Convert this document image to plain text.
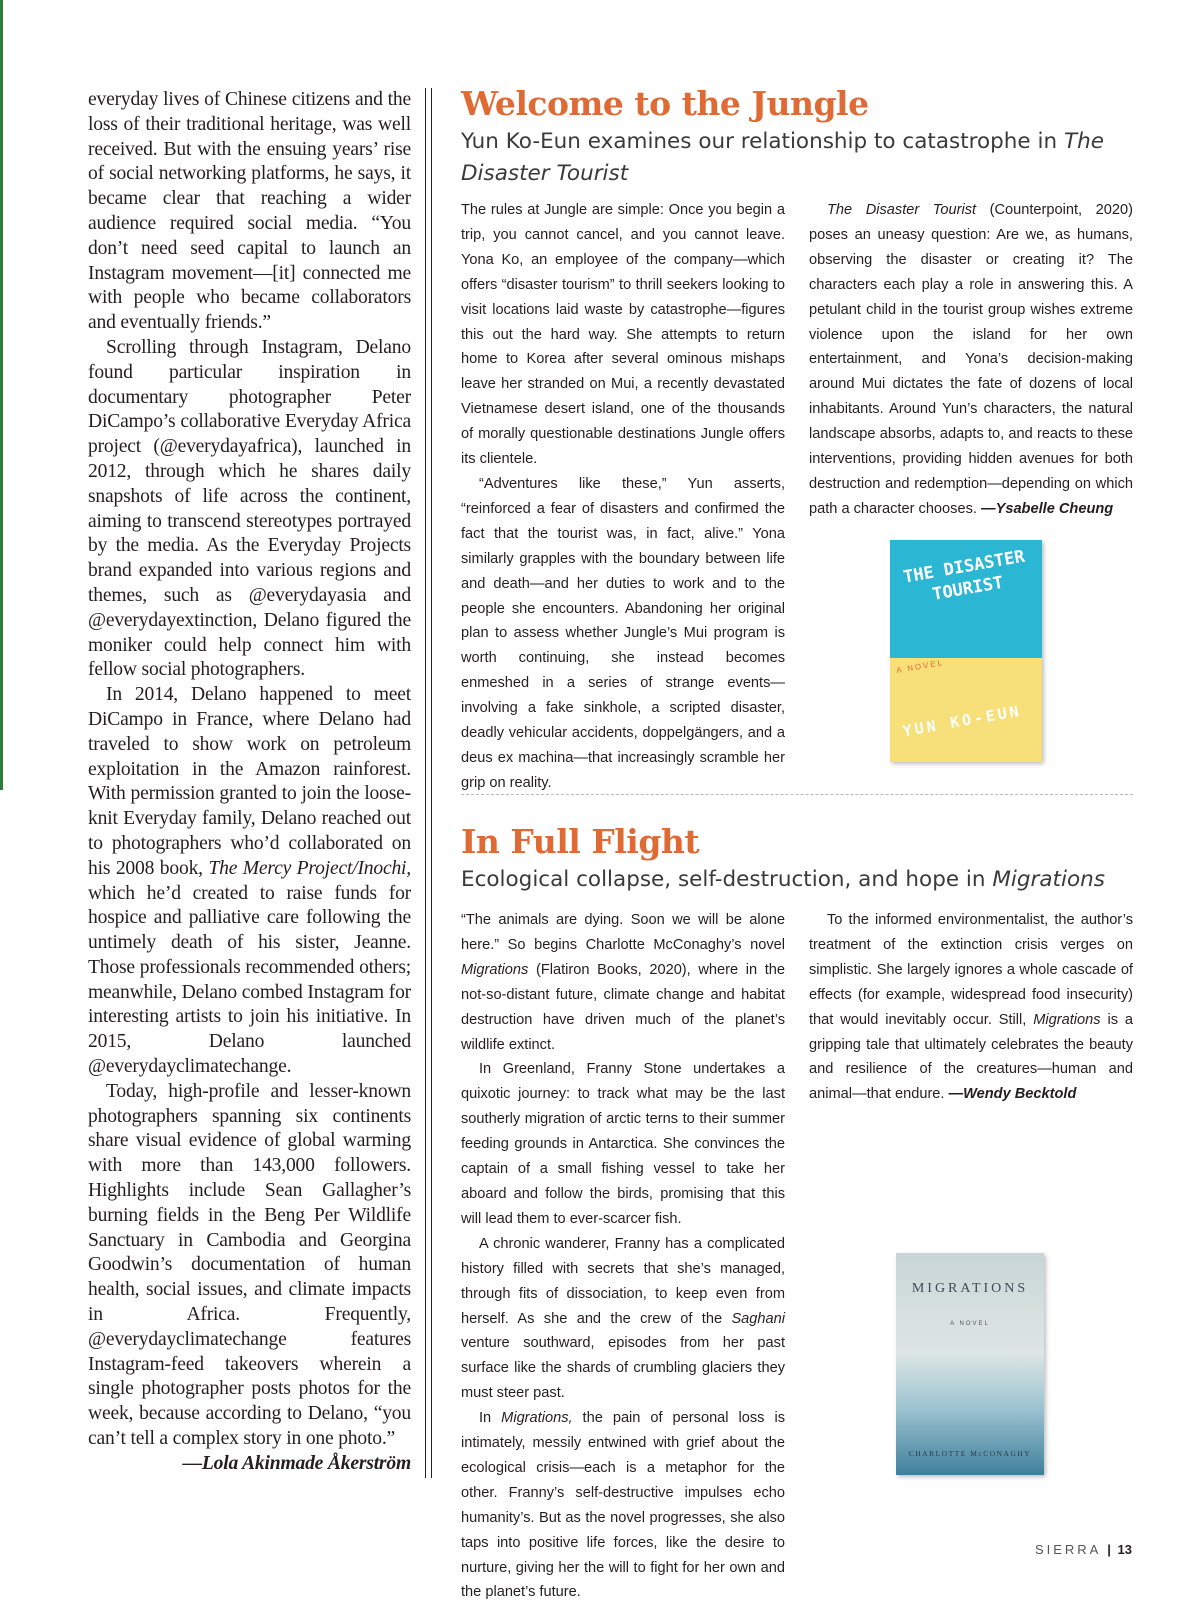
everyday lives of Chinese citizens and the loss of their traditional heritage, was well received. But with the ensuing years’ rise of social networking platforms, he says, it became clear that reaching a wider audience required social media. “You don’t need seed capital to launch an Instagram movement—[it] connected me with people who became collaborators and eventually friends.”

Scrolling through Instagram, Delano found particular inspiration in documentary photographer Peter DiCampo’s collaborative Everyday Africa project (@everydayafrica), launched in 2012, through which he shares daily snapshots of life across the continent, aiming to transcend stereotypes portrayed by the media. As the Everyday Projects brand expanded into various regions and themes, such as @everydayasia and @everydayextinction, Delano figured the moniker could help connect him with fellow social photographers.

In 2014, Delano happened to meet DiCampo in France, where Delano had traveled to show work on petroleum exploitation in the Amazon rainforest. With permission granted to join the loose-knit Everyday family, Delano reached out to photographers who’d collaborated on his 2008 book, The Mercy Project/Inochi, which he’d created to raise funds for hospice and palliative care following the untimely death of his sister, Jeanne. Those professionals recommended others; meanwhile, Delano combed Instagram for interesting artists to join his initiative. In 2015, Delano launched @everydayclimatechange.

Today, high-profile and lesser-known photographers spanning six continents share visual evidence of global warming with more than 143,000 followers. Highlights include Sean Gallagher’s burning fields in the Beng Per Wildlife Sanctuary in Cambodia and Georgina Goodwin’s documentation of human health, social issues, and climate impacts in Africa. Frequently, @everydayclimatechange features Instagram-feed takeovers wherein a single photographer posts photos for the week, because according to Delano, “you can’t tell a complex story in one photo.”

—Lola Akinmade Åkerström

Welcome to the Jungle
Yun Ko-Eun examines our relationship to catastrophe in The Disaster Tourist

The rules at Jungle are simple: Once you begin a trip, you cannot cancel, and you cannot leave. Yona Ko, an employee of the company—which offers “disaster tourism” to thrill seekers looking to visit locations laid waste by catastrophe—figures this out the hard way. She attempts to return home to Korea after several ominous mishaps leave her stranded on Mui, a recently devastated Vietnamese desert island, one of the thousands of morally questionable destinations Jungle offers its clientele.

“Adventures like these,” Yun asserts, “reinforced a fear of disasters and confirmed the fact that the tourist was, in fact, alive.” Yona similarly grapples with the boundary between life and death—and her duties to work and to the people she encounters. Abandoning her original plan to assess whether Jungle’s Mui program is worth continuing, she instead becomes enmeshed in a series of strange events—involving a fake sinkhole, a scripted disaster, deadly vehicular accidents, doppelgängers, and a deus ex machina—that increasingly scramble her grip on reality.

The Disaster Tourist (Counterpoint, 2020) poses an uneasy question: Are we, as humans, observing the disaster or creating it? The characters each play a role in answering this. A petulant child in the tourist group wishes extreme violence upon the island for her own entertainment, and Yona’s decision-making around Mui dictates the fate of dozens of local inhabitants. Around Yun’s characters, the natural landscape absorbs, adapts to, and reacts to these interventions, providing hidden avenues for both destruction and redemption—depending on which path a character chooses. —Ysabelle Cheung

THE DISASTER TOURIST
A NOVEL
YUN KO-EUN
In Full Flight
Ecological collapse, self-destruction, and hope in Migrations

“The animals are dying. Soon we will be alone here.” So begins Charlotte McConaghy’s novel Migrations (Flatiron Books, 2020), where in the not-so-distant future, climate change and habitat destruction have driven much of the planet’s wildlife extinct.

In Greenland, Franny Stone undertakes a quixotic journey: to track what may be the last southerly migration of arctic terns to their summer feeding grounds in Antarctica. She convinces the captain of a small fishing vessel to take her aboard and follow the birds, promising that this will lead them to ever-scarcer fish.

A chronic wanderer, Franny has a complicated history filled with secrets that she’s managed, through fits of dissociation, to keep even from herself. As she and the crew of the Saghani venture southward, episodes from her past surface like the shards of crumbling glaciers they must steer past.

In Migrations, the pain of personal loss is intimately, messily entwined with grief about the ecological crisis—each is a metaphor for the other. Franny’s self-destructive impulses echo humanity’s. But as the novel progresses, she also taps into positive life forces, like the desire to nurture, giving her the will to fight for her own and the planet’s future.

To the informed environmentalist, the author’s treatment of the extinction crisis verges on simplistic. She largely ignores a whole cascade of effects (for example, widespread food insecurity) that would inevitably occur. Still, Migrations is a gripping tale that ultimately celebrates the beauty and resilience of the creatures—human and animal—that endure. —Wendy Becktold

MIGRATIONS
A NOVEL
CHARLOTTE McCONAGHY
SIERRA | 13
